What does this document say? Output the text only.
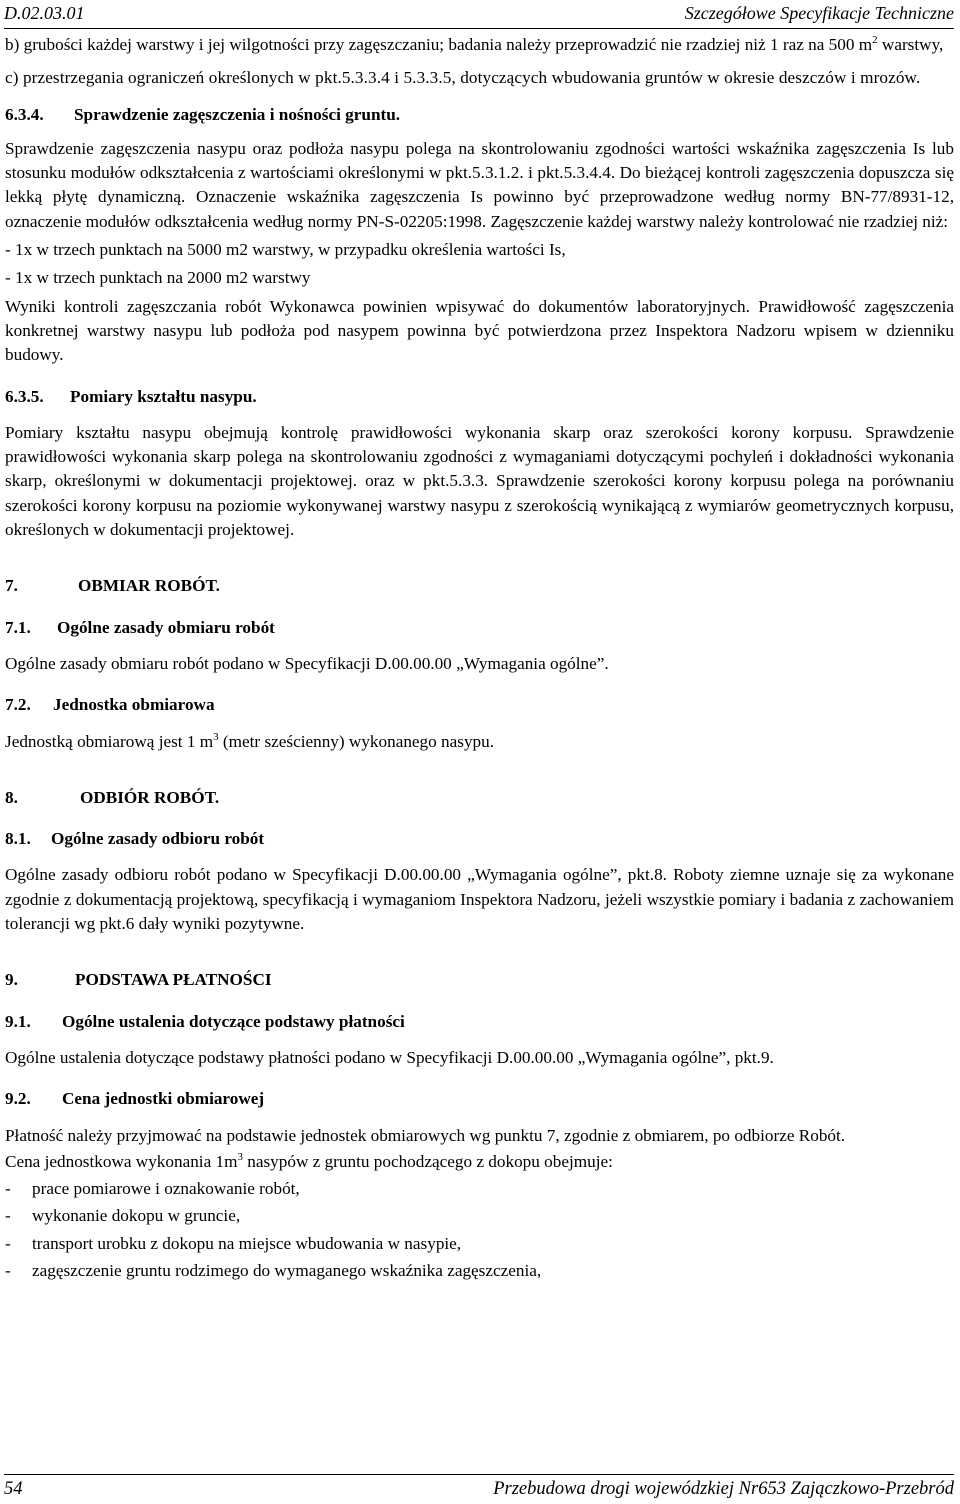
D.02.03.01	Szczegółowe Specyfikacje Techniczne

b) grubości każdej warstwy i jej wilgotności przy zagęszczaniu; badania należy przeprowadzić nie rzadziej niż 1 raz na 500 $m^2$ warstwy,

c) przestrzegania ograniczeń określonych w pkt.5.3.3.4 i 5.3.3.5, dotyczących wbudowania gruntów w okresie deszczów i mrozów.

6.3.4. Sprawdzenie zagęszczenia i nośności gruntu.

Sprawdzenie zagęszczenia nasypu oraz podłoża nasypu polega na skontrolowaniu zgodności wartości wskaźnika zagęszczenia Is lub stosunku modułów odkształcenia z wartościami określonymi w pkt.5.3.1.2. i pkt.5.3.4.4. Do bieżącej kontroli zagęszczenia dopuszcza się lekką płytę dynamiczną. Oznaczenie wskaźnika zagęszczenia Is powinno być przeprowadzone według normy BN-77/8931-12, oznaczenie modułów odkształcenia według normy PN-S-02205:1998. Zagęszczenie każdej warstwy należy kontrolować nie rzadziej niż:

- 1x w trzech punktach na 5000 m2 warstwy, w przypadku określenia wartości Is,

- 1x w trzech punktach na 2000 m2 warstwy

Wyniki kontroli zagęszczania robót Wykonawca powinien wpisywać do dokumentów laboratoryjnych. Prawidłowość zagęszczenia konkretnej warstwy nasypu lub podłoża pod nasypem powinna być potwierdzona przez Inspektora Nadzoru wpisem w dzienniku budowy.

6.3.5. Pomiary kształtu nasypu.

Pomiary kształtu nasypu obejmują kontrolę prawidłowości wykonania skarp oraz szerokości korony korpusu. Sprawdzenie prawidłowości wykonania skarp polega na skontrolowaniu zgodności z wymaganiami dotyczącymi pochyleń i dokładności wykonania skarp, określonymi w dokumentacji projektowej. oraz w pkt.5.3.3. Sprawdzenie szerokości korony korpusu polega na porównaniu szerokości korony korpusu na poziomie wykonywanej warstwy nasypu z szerokością wynikającą z wymiarów geometrycznych korpusu, określonych w dokumentacji projektowej.

7.	OBMIAR ROBÓT.

7.1. Ogólne zasady obmiaru robót

Ogólne zasady obmiaru robót podano w Specyfikacji D.00.00.00 „Wymagania ogólne”.

7.2. Jednostka obmiarowa

Jednostką obmiarową jest 1 $m^3$ (metr sześcienny) wykonanego nasypu.

8.	ODBIÓR ROBÓT.

8.1. Ogólne zasady odbioru robót

Ogólne zasady odbioru robót podano w Specyfikacji D.00.00.00 „Wymagania ogólne”, pkt.8. Roboty ziemne uznaje się za wykonane zgodnie z dokumentacją projektową, specyfikacją i wymaganiom Inspektora Nadzoru, jeżeli wszystkie pomiary i badania z zachowaniem tolerancji wg pkt.6 dały wyniki pozytywne.

9.	PODSTAWA PŁATNOŚCI

9.1. Ogólne ustalenia dotyczące podstawy płatności

Ogólne ustalenia dotyczące podstawy płatności podano w Specyfikacji D.00.00.00 „Wymagania ogólne”, pkt.9.

9.2. Cena jednostki obmiarowej

Płatność należy przyjmować na podstawie jednostek obmiarowych wg punktu 7, zgodnie z obmiarem, po odbiorze Robót.

Cena jednostkowa wykonania $1m^3$ nasypów z gruntu pochodzącego z dokopu obejmuje:

- prace pomiarowe i oznakowanie robót,

- wykonanie dokopu w gruncie,

- transport urobku z dokopu na miejsce wbudowania w nasypie,

- zagęszczenie gruntu rodzimego do wymaganego wskaźnika zagęszczenia,

54	Przebudowa drogi wojewódzkiej Nr653 Zajączkowo-Przebród
